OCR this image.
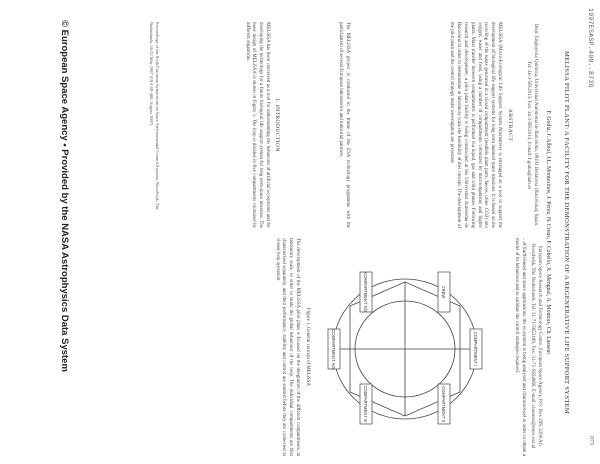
1997ESASP.400..873G
873
MELISSA PILOT PLANT: A FACILITY FOR THE DEMONSTRATION OF A REGENERATIVE LIFE SUPPORT SYSTEM
F. Gòdia, J. Albiol, J.L. Montesinos, J. Pérez, N. Creus, F. Cabello, X. Mengual, A. Montras, Ch. Lasseur
Dept. Enginyeria Química, Universitat Autònoma de Barcelona, 08193 Bellaterra (Barcelona), Spain. Tel: 34-3-5812013, Fax: 34-3-5812013, E-mail: f.godia@uab.es
European Space Research and Technology Centre, European Space Agency, P.O. Box 299, 2200 AG Noordwijk, The Netherlands. Tel: 31-71-5653189, Fax: 31-71-5654969, E-mail: classeur@estec.esa.nl
ABSTRACT
MELiSSA (Micro-Ecological Life Support System Alternative) is envisaged as a tool to support the development of biological life support systems for long term manned space missions. It is based on the recycling of the waste generated in a closed compartment (inedible plant parts, faeces, urine, CO2) into oxygen, water and food, using a number of compartments colonized by microorganisms and higher plants. Mass transfer between compartments is performed via liquid, gas and solid phases. Following research and development, a pilot plant facility is being constructed at the Universitat Autònoma de Barcelona in order to demonstrate at laboratory scale the feasibility of this concept. The development of the pilot plant and the control strategy under investigation are presented.
The MELiSSA project is conducted in the frame of the ESA technology programme with the participation of several European laboratories and industrial partners.
1. INTRODUCTION
MELiSSA has been conceived as a tool for understanding the behaviour of artificial ecosystems and for developing the technology for a future biological life support system for long term space missions. The basic design of MELiSSA is shown in Figure 1. The loop is divided in five compartments colonized by different organisms.
...of Earth-based and space applications, the ecosystem is being analysed and characterised in order to obtain a model of its behaviour and to validate the control strategies required.
COMPARTMENT I
COMPARTMENT II
COMPARTMENT III
COMPARTMENT IVa
COMPARTMENT IVb	CREW
Figure 1. General concept of MELiSSA
The development of the MELiSSA pilot plant is focused on the integration of the different compartments, at laboratory scale, in order to study the global behaviour of the loop. The individual compartments are first characterised separately, and their performance, stability and control are studied before they are connected in closed loop operation.
Proceedings of the Sixth European Symposium on Space Environmental Control Systems, Noordwijk, The Netherlands, 20-22 May 1997 (ESA SP-400, August 1997)
© European Space Agency • Provided by the NASA Astrophysics Data System
